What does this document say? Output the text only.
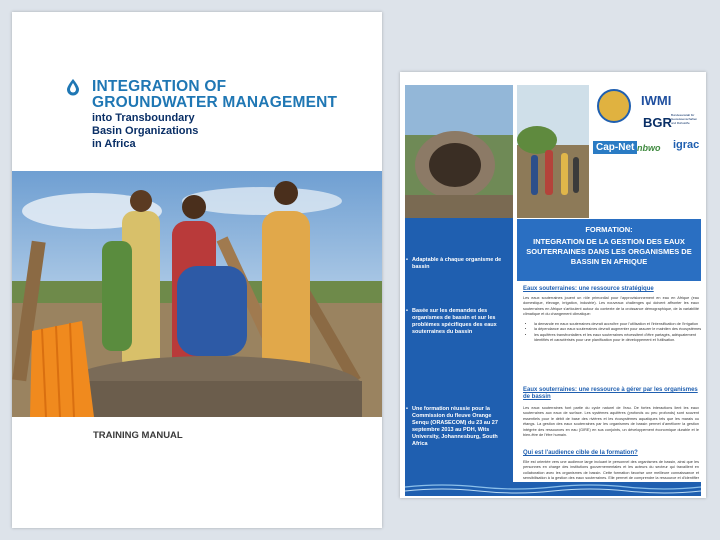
INTEGRATION OF
GROUNDWATER MANAGEMENT
into Transboundary
Basin Organizations
in Africa
TRAINING MANUAL
IWMI
BGR Bundesanstalt für Geowissenschaften und Rohstoffe
Cap-Net nbwo igrac
FORMATION:
INTEGRATION DE LA GESTION DES EAUX SOUTERRAINES DANS LES ORGANISMES DE BASSIN EN AFRIQUE
• Adaptable à chaque organisme de bassin
• Basée sur les demandes des organismes de bassin et sur les problèmes spécifiques des eaux souterraines du bassin
• Une formation réussie pour la Commission du fleuve Orange Senqu (ORASECOM) du 23 au 27 septembre 2013 au PDH, Wits University, Johannesburg, South Africa
Eaux souterraines: une ressource stratégique
Les eaux souterraines jouent un rôle primordial pour l'approvisionnement en eau en Afrique (eau domestique, élevage, irrigation, industrie). Les nouveaux challenges qui doivent affronter les eaux souterraines en Afrique s'articulent autour du contexte de la croissance démographique, de la variabilité climatique et du changement climatique:
• la demande en eaux souterraines devrait accroître pour l'utilisation et l'intensification de l'irrigation
• la dépendance aux eaux souterraines devrait augmenter pour assurer le maintien des écosystèmes
• les aquifères transfrontaliers et les eaux souterraines nécessitent d'être partagés, adéquatement identifiés et caractérisés pour une planification pour le développement et l'utilisation.
Eaux souterraines: une ressource à gérer par les organismes de bassin
Les eaux souterraines font partie du cycle naturel de l'eau. De fortes interactions lient les eaux souterraines aux eaux de surface. Les systèmes aquifères (profonds ou peu profonds) sont souvent essentiels pour le débit de base des rivières et les écosystèmes aquatiques tels que les marais ou étangs. La gestion des eaux souterraines par les organismes de bassin permet d'améliorer la gestion intégrée des ressources en eau (GIRE) en sus conjoints, un développement économique durable et le bien-être de l'être humain.
Qui est l'audience cible de la formation?
Elle est orientée vers une audience large incluant le personnel des organismes de bassin, ainsi que les personnes en charge des institutions gouvernementales et les acteurs du secteur qui travaillent en collaboration avec les organismes de bassin. Cette formation favorise une meilleure connaissance et sensibilisation à la gestion des eaux souterraines. Elle permet de comprendre la ressource et d'identifier
